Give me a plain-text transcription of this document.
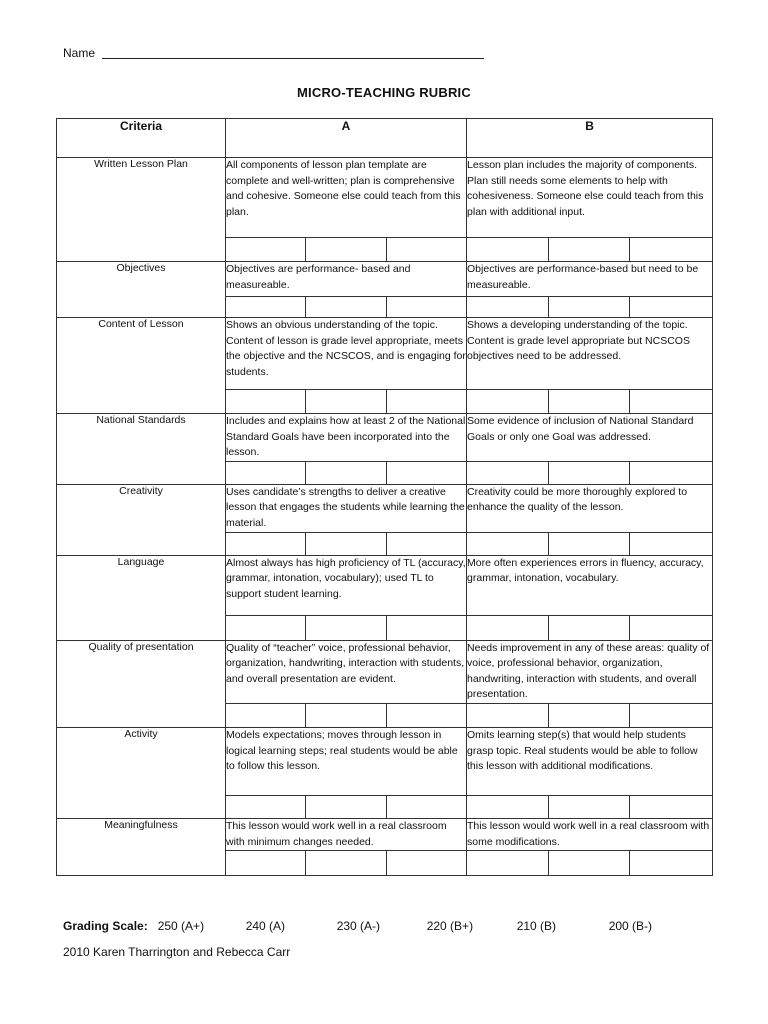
Name
MICRO-TEACHING RUBRIC
Criteria	A			B		
Written Lesson Plan	All components of lesson plan template are complete and well-written; plan is comprehensive and cohesive. Someone else could teach from this plan.			Lesson plan includes the majority of components. Plan still needs some elements to help with cohesiveness. Someone else could teach from this plan with additional input.		

Objectives	Objectives are performance- based and measureable.			Objectives are performance-based but need to be measureable.		

Content of Lesson	Shows an obvious understanding of the topic. Content of lesson is grade level appropriate, meets the objective and the NCSCOS, and is engaging for students.			Shows a developing understanding of the topic. Content is grade level appropriate but NCSCOS objectives need to be addressed.		

National Standards	Includes and explains how at least 2 of the National Standard Goals have been incorporated into the lesson.			Some evidence of inclusion of National Standard Goals or only one Goal was addressed.		

Creativity	Uses candidate’s strengths to deliver a creative lesson that engages the students while learning the material.			Creativity could be more thoroughly explored to enhance the quality of the lesson.		

Language	Almost always has high proficiency of TL (accuracy, grammar, intonation, vocabulary); used TL to support student learning.			More often experiences errors in fluency, accuracy, grammar, intonation, vocabulary.		

Quality of presentation	Quality of “teacher” voice, professional behavior, organization, handwriting, interaction with students, and overall presentation are evident.			Needs improvement in any of these areas: quality of voice, professional behavior, organization, handwriting, interaction with students, and overall presentation.		

Activity	Models expectations; moves through lesson in logical learning steps; real students would be able to follow this lesson.			Omits learning step(s) that would help students grasp topic. Real students would be able to follow this lesson with additional modifications.		

Meaningfulness	This lesson would work well in a real classroom with minimum changes needed.			This lesson would work well in a real classroom with some modifications.		

Grading Scale: 250 (A+)	240 (A)	230 (A-)	220 (B+)	210 (B)	200 (B-)
2010 Karen Tharrington and Rebecca Carr
